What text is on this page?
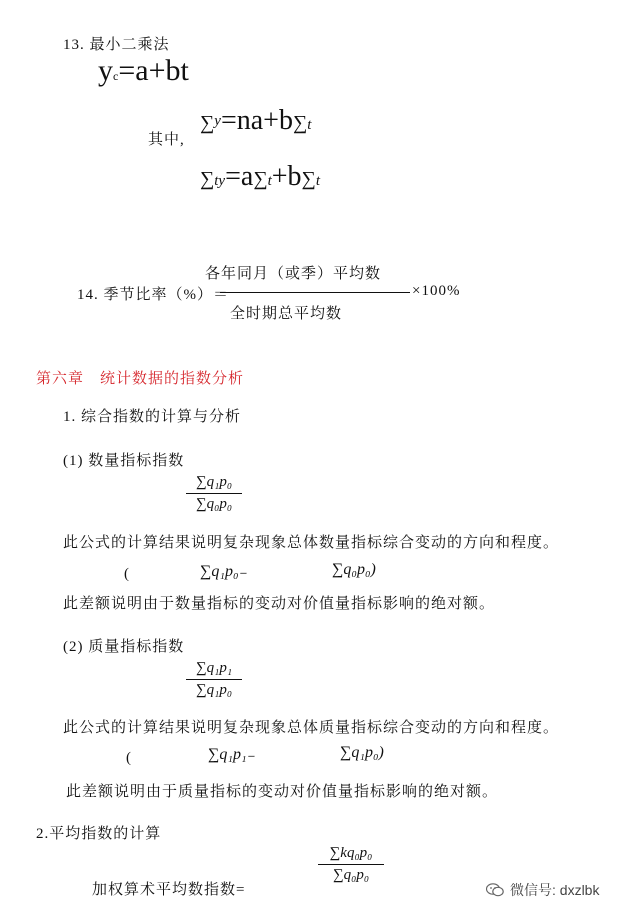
13. 最小二乘法
yc=a+bt
其中,
∑y=na+b∑t
∑ty=a∑t+b∑t
各年同月（或季）平均数
14. 季节比率（%）＝	×100%
全时期总平均数
第六章　统计数据的指数分析
1. 综合指数的计算与分析
(1) 数量指标指数
∑q₁p₀
∑q₀p₀
此公式的计算结果说明复杂现象总体数量指标综合变动的方向和程度。
(	∑q₁p₀₋	∑q₀p₀)
此差额说明由于数量指标的变动对价值量指标影响的绝对额。
(2) 质量指标指数
∑q₁p₁
∑q₁p₀
此公式的计算结果说明复杂现象总体质量指标综合变动的方向和程度。
(	∑q₁p₁₋	∑q₁p₀)
此差额说明由于质量指标的变动对价值量指标影响的绝对额。
2.平均指数的计算
∑kq₀p₀
∑q₀p₀
加权算术平均数指数=	微信号: dxzlbk
